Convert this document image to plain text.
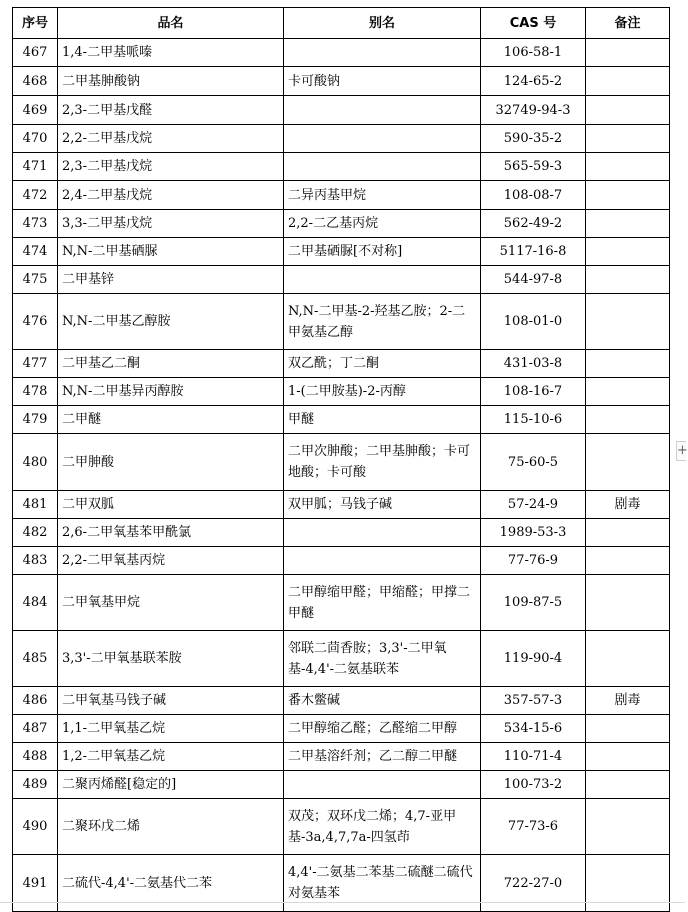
序号	品名	别名	CAS 号	备注
467	1,4-二甲基哌嗪		106-58-1	
468	二甲基胂酸钠	卡可酸钠	124-65-2	
469	2,3-二甲基戊醛		32749-94-3	
470	2,2-二甲基戊烷		590-35-2	
471	2,3-二甲基戊烷		565-59-3	
472	2,4-二甲基戊烷	二异丙基甲烷	108-08-7	
473	3,3-二甲基戊烷	2,2-二乙基丙烷	562-49-2	
474	N,N-二甲基硒脲	二甲基硒脲[不对称]	5117-16-8	
475	二甲基锌		544-97-8	
476	N,N-二甲基乙醇胺	N,N-二甲基-2-羟基乙胺；2-二甲氨基乙醇	108-01-0	
477	二甲基乙二酮	双乙酰；丁二酮	431-03-8	
478	N,N-二甲基异丙醇胺	1-(二甲胺基)-2-丙醇	108-16-7	
479	二甲醚	甲醚	115-10-6	
480	二甲胂酸	二甲次胂酸；二甲基胂酸；卡可地酸；卡可酸	75-60-5	
481	二甲双胍	双甲胍；马钱子碱	57-24-9	剧毒
482	2,6-二甲氧基苯甲酰氯		1989-53-3	
483	2,2-二甲氧基丙烷		77-76-9	
484	二甲氧基甲烷	二甲醇缩甲醛；甲缩醛；甲撑二甲醚	109-87-5	
485	3,3'-二甲氧基联苯胺	邻联二茴香胺；3,3'-二甲氧基-4,4'-二氨基联苯	119-90-4	
486	二甲氧基马钱子碱	番木鳖碱	357-57-3	剧毒
487	1,1-二甲氧基乙烷	二甲醇缩乙醛；乙醛缩二甲醇	534-15-6	
488	1,2-二甲氧基乙烷	二甲基溶纤剂；乙二醇二甲醚	110-71-4	
489	二聚丙烯醛[稳定的]		100-73-2	
490	二聚环戊二烯	双茂；双环戊二烯；4,7-亚甲基-3a,4,7,7a-四氢茚	77-73-6	
491	二硫代-4,4'-二氨基代二苯	4,4'-二氨基二苯基二硫醚二硫代对氨基苯	722-27-0	
+
